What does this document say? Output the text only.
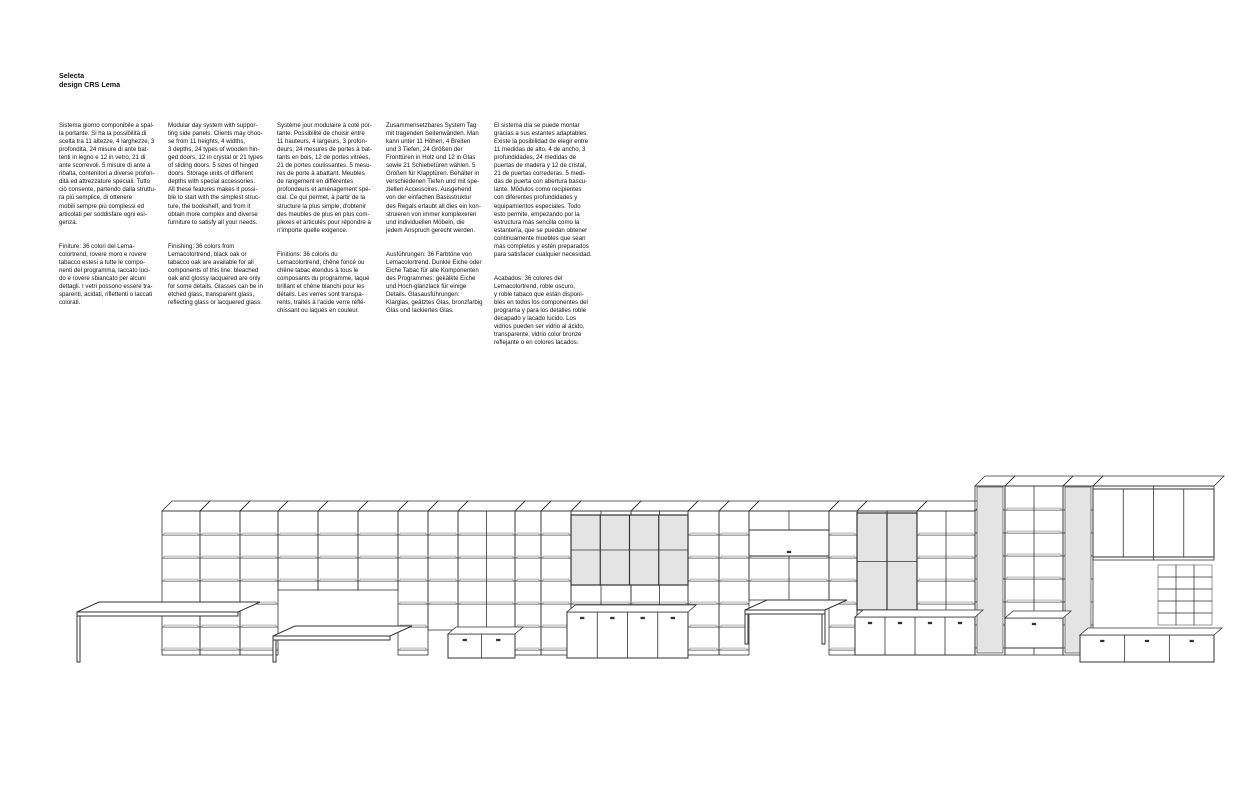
Selecta
design CRS Lema

Sistema giorno componibile a spal-
la portante. Si ha la possibilità di
scelta tra 11 altezze, 4 larghezze, 3
profondità, 24 misure di ante bat-
tenti in legno e 12 in vetro, 21 di
ante scorrevoli. 5 misure di ante a
ribalta, contenitori a diverse profon-
dità ed attrezzature speciali. Tutto
ciò consente, partendo dalla struttu-
ra più semplice, di ottenere
mobili sempre più complessi ed
articolati per soddisfare ogni esi-
genza.

Finiture: 36 colori del Lema-
colortrend, rovere moro e rovere
tabacco estesi a tutte le compo-
nenti del programma, laccato luci-
do e rovere sbiancato per alcuni
dettagli. I vetri possono essere tra-
sparenti, acidati, riflettenti o laccati
colorati.

Modular day system with suppor-
ting side panels. Clients may choo-
se from 11 heights, 4 widths,
3 depths, 24 types of wooden hin-
ged doors, 12 in crystal or 21 types
of sliding doors. 5 sizes of hinged
doors. Storage units of different
depths with special accessories.
All these features makes it possi-
ble to start with the simplest struc-
ture, the bookshelf, and from it
obtain more complex and diverse
furniture to satisfy all your needs.

Finishing: 36 colors from
Lemacolortrend, black oak or
tabacco oak are available for all
components of this line: bleached
oak and glossy lacquered are only
for some details. Glasses can be in
etched glass, transparent glass,
reflecting glass or lacquered glass.

Système jour modulaire à coté por-
tante. Possibilité de choisir entre
11 hauteurs, 4 largeurs, 3 profon-
deurs, 24 mesures de portes à bat-
tants en bois, 12 de portes vitrées,
21 de portes coulissantes. 5 mesu-
res de porte à abattant. Meubles
de rangement en différentes
profondeurs et aménagement spé-
cial. Ce qui permet, à partir de la
structure la plus simple, d'obtenir
des meubles de plus en plus com-
plexes et articulés pour répondre à
n'importe quelle exigence.

Finitions: 36 coloris du
Lemacolortrend, chêne foncé ou
chêne tabac étendus à tous le
composants du programme, laqué
brillant et chêne blanchi pour les
détails. Les verres sont transpa-
rents, traités à l'acide verre réflé-
chissant ou laqués en couleur.

Zusammensetzbares System Tag
mit tragenden Seitenwänden. Man
kann unter 11 Höhen, 4 Breiten
und 3 Tiefen, 24 Größen der
Fronttüren in Holz und 12 in Glas
sowie 21 Schiebetüren wählen. 5
Größen für Klapptüren. Behälter in
verschiedenen Tiefen und mit spe-
ziellen Accessoires. Ausgehend
von der einfachen Basisstruktur
des Regals erlaubt all dies ein kon-
struieren von immer komplexeren
und individuellen Möbeln, die
jedem Anspruch gerecht werden.

Ausführungen: 36 Farbtöne von
Lemacolortrend. Dunkle Eiche oder
Eiche Tabac für alle Komponenten
des Programmes: gekälkte Eiche
und Hoch-glanzlack für einige
Details. Glasausführungen:
Klarglas, geätztes Glas, bronzfarbig
Glas und lackiertes Glas.

El sistema día se puede montar
gracias a sus estantes adaptables.
Existe la posibilidad de elegir entre
11 medidas de alto, 4 de ancho, 3
profundidades, 24 medidas de
puertas de madera y 12 de cristal,
21 de puertas correderas. 5 medi-
das de puerta con abertura bascu-
lante. Módulos como recipientes
con diferentes profundidades y
equipamientos especiales. Todo
esto permite, empezando por la
estructura más sencilla como la
estantería, que se puedan obtener
continuamente muebles que sean
más completos y estén preparados
para satisfacer cualquier necesidad.

Acabados: 36 colores del
Lemacolortrend, roble oscuro,
y roble tabaco que están disponi-
bles en todos los componentes del
programa y para los detalles roble
decapado y lacado lucido. Los
vidrios pueden ser vidrio al ácido,
transparente, vidrio color bronze
reflejante o en colores lacados.
